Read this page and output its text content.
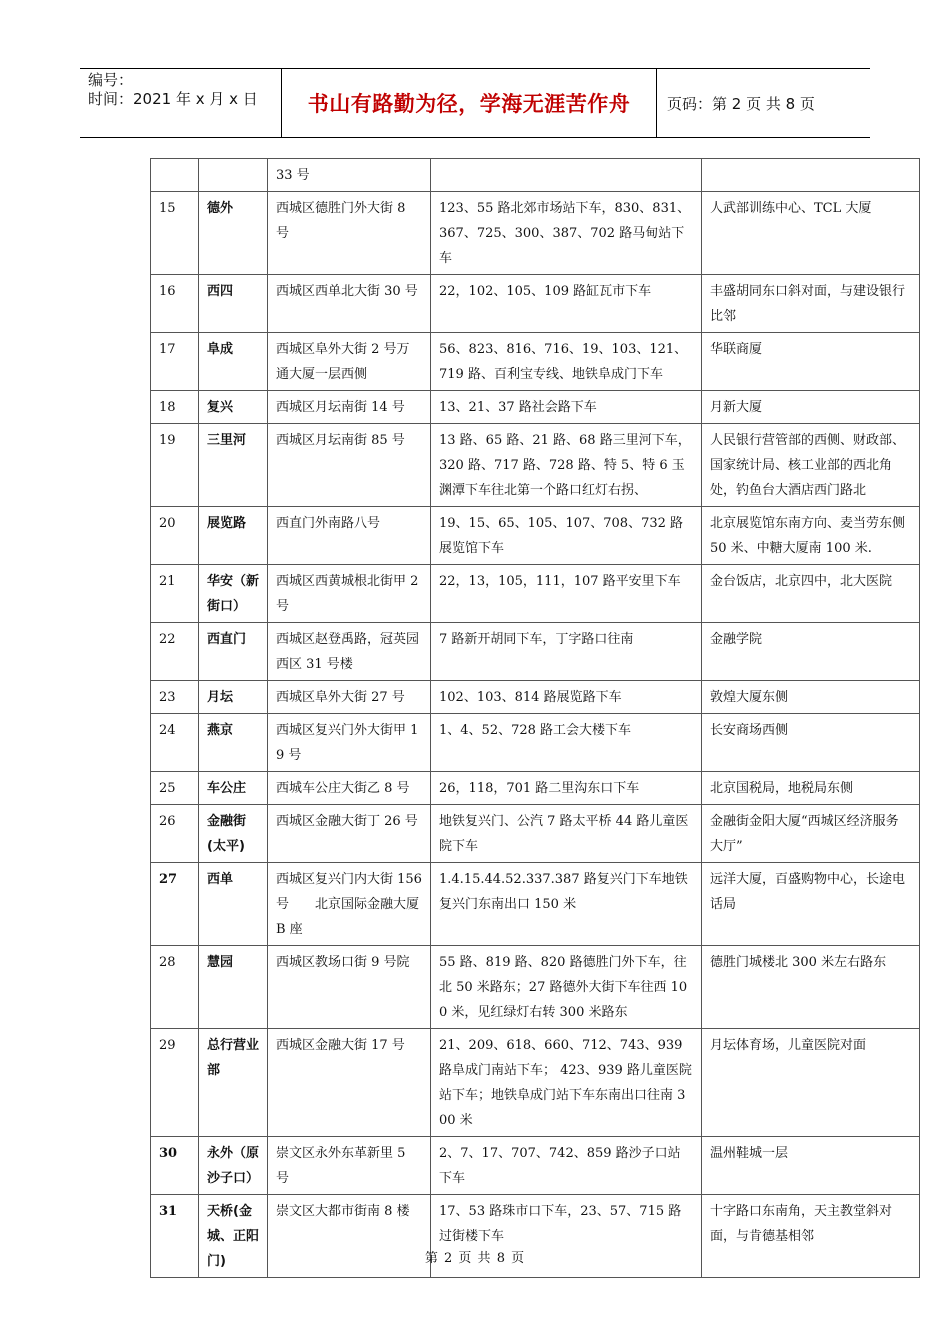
编号：
时间：2021 年 x 月 x 日	书山有路勤为径，学海无涯苦作舟	页码：第 2 页 共 8 页
		33 号		
15	德外	西城区德胜门外大街 8 号	123、55 路北郊市场站下车，830、831、367、725、300、387、702 路马甸站下车	人武部训练中心、TCL 大厦
16	西四	西城区西单北大街 30 号	22，102、105、109 路缸瓦市下车	丰盛胡同东口斜对面，与建设银行比邻
17	阜成	西城区阜外大街 2 号万通大厦一层西侧	56、823、816、716、19、103、121、719 路、百利宝专线、地铁阜成门下车	华联商厦
18	复兴	西城区月坛南街 14 号	13、21、37 路社会路下车	月新大厦
19	三里河	西城区月坛南街 85 号	13 路、65 路、21 路、68 路三里河下车，320 路、717 路、728 路、特 5、特 6 玉渊潭下车往北第一个路口红灯右拐、	人民银行营管部的西侧、财政部、国家统计局、核工业部的西北角处，钓鱼台大酒店西门路北
20	展览路	西直门外南路八号	19、15、65、105、107、708、732 路展览馆下车	北京展览馆东南方向、麦当劳东侧 50 米、中糖大厦南 100 米.
21	华安（新街口）	西城区西黄城根北街甲 2 号	22，13，105，111，107 路平安里下车	金台饭店，北京四中，北大医院
22	西直门	西城区赵登禹路，冠英园西区 31 号楼	7 路新开胡同下车，丁字路口往南	金融学院
23	月坛	西城区阜外大街 27 号	102、103、814 路展览路下车	敦煌大厦东侧
24	燕京	西城区复兴门外大街甲 19 号	1、4、52、728 路工会大楼下车	长安商场西侧
25	车公庄	西城车公庄大街乙 8 号	26，118，701 路二里沟东口下车	北京国税局，地税局东侧
26	金融街(太平)	西城区金融大街丁 26 号	地铁复兴门、公汽 7 路太平桥 44 路儿童医院下车	金融街金阳大厦“西城区经济服务大厅”
27	西单	西城区复兴门内大街 156 号　　北京国际金融大厦 B 座	1.4.15.44.52.337.387 路复兴门下车地铁复兴门东南出口 150 米	远洋大厦，百盛购物中心，长途电话局
28	慧园	西城区教场口街 9 号院	55 路、819 路、820 路德胜门外下车，往北 50 米路东；27 路德外大街下车往西 100 米，见红绿灯右转 300 米路东	德胜门城楼北 300 米左右路东
29	总行营业部	西城区金融大街 17 号	21、209、618、660、712、743、939 路阜成门南站下车； 423、939 路儿童医院站下车；地铁阜成门站下车东南出口往南 300 米	月坛体育场，儿童医院对面
30	永外（原沙子口）	崇文区永外东革新里 5 号	2、7、17、707、742、859 路沙子口站下车	温州鞋城一层
31	天桥(金城、正阳门)	崇文区大都市街南 8 楼	17、53 路珠市口下车，23、57、715 路过街楼下车	十字路口东南角，天主教堂斜对面，与肯德基相邻
第 2 页 共 8 页
